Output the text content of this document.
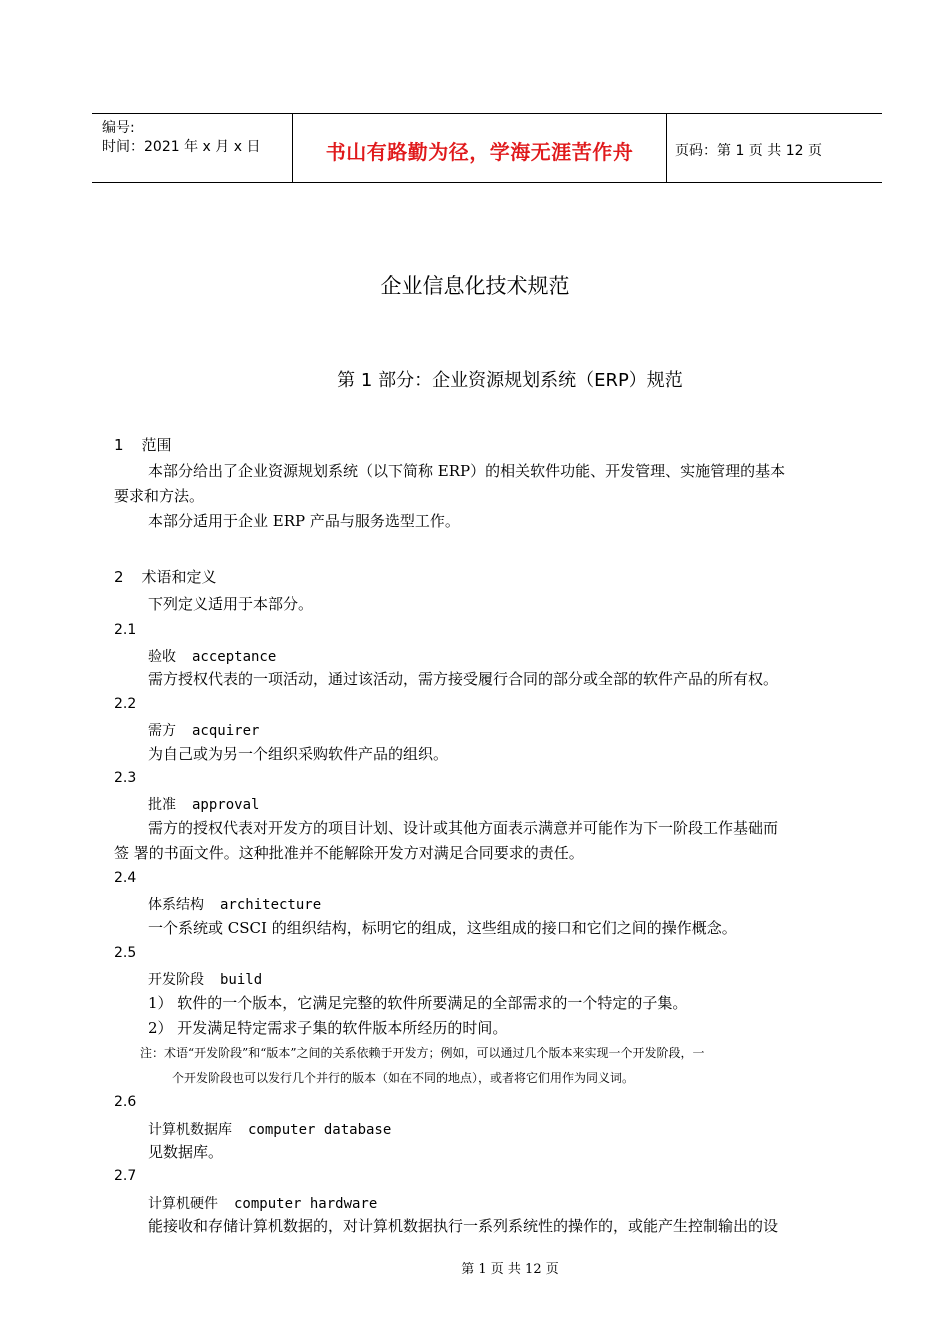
编号:
时间：2021 年 x 月 x 日	书山有路勤为径，学海无涯苦作舟	页码：第 1 页 共 12 页
企业信息化技术规范
第 1 部分：企业资源规划系统（ERP）规范
1 范围
本部分给出了企业资源规划系统（以下简称 ERP）的相关软件功能、开发管理、实施管理的基本
要求和方法。
本部分适用于企业 ERP 产品与服务选型工作。
2 术语和定义
下列定义适用于本部分。
2.1
验收 acceptance
需方授权代表的一项活动，通过该活动，需方接受履行合同的部分或全部的软件产品的所有权。
2.2
需方 acquirer
为自己或为另一个组织采购软件产品的组织。
2.3
批准 approval
需方的授权代表对开发方的项目计划、设计或其他方面表示满意并可能作为下一阶段工作基础而
签 署的书面文件。这种批准并不能解除开发方对满足合同要求的责任。
2.4
体系结构 architecture
一个系统或 CSCI 的组织结构，标明它的组成，这些组成的接口和它们之间的操作概念。
2.5
开发阶段 build
1） 软件的一个版本，它满足完整的软件所要满足的全部需求的一个特定的子集。
2） 开发满足特定需求子集的软件版本所经历的时间。
注：术语“开发阶段”和“版本”之间的关系依赖于开发方；例如，可以通过几个版本来实现一个开发阶段，一
个开发阶段也可以发行几个并行的版本（如在不同的地点），或者将它们用作为同义词。
2.6
计算机数据库 computer database
见数据库。
2.7
计算机硬件 computer hardware
能接收和存储计算机数据的，对计算机数据执行一系列系统性的操作的，或能产生控制输出的设
第 1 页 共 12 页
